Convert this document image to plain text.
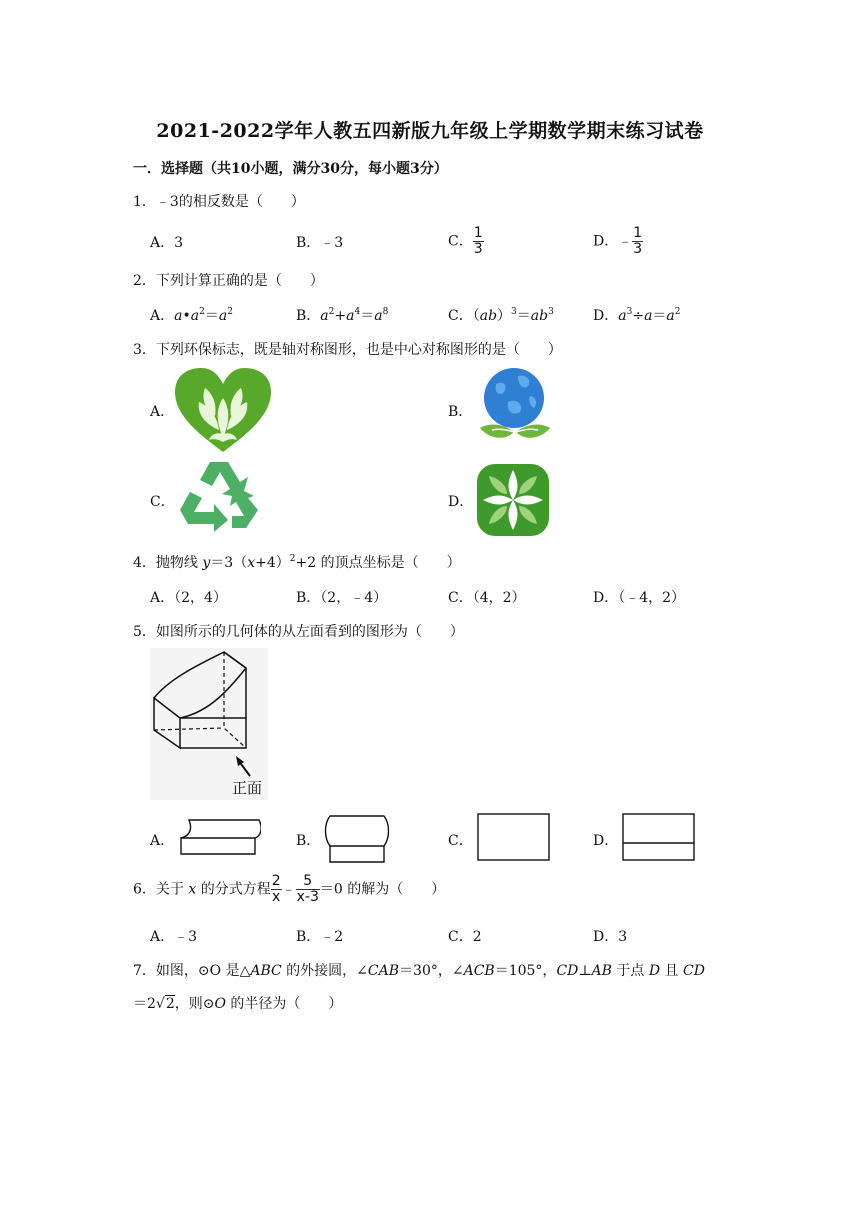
2021-2022学年人教五四新版九年级上学期数学期末练习试卷
一．选择题（共10小题，满分30分，每小题3分）
1．﹣3的相反数是（　　）
A．3	B．﹣3	C． $\frac{1}{3}$	D．﹣ $\frac{1}{3}$
2．下列计算正确的是（　　）
A．$a•a^2=a^2$	B．$a^2+a^4=a^8$	C．$(ab)^3=ab^3$	D．$a^3\div a=a^2$
3．下列环保标志，既是轴对称图形，也是中心对称图形的是（　　）
A．	B．
C．	D．
4．抛物线 $y=3(x+4)^2+2$ 的顶点坐标是（　　）
A．（2，4）	B．（2，﹣4）	C．（4，2）	D．（﹣4，2）
5．如图所示的几何体的从左面看到的图形为（　　）
正面
A．	B．	C．	D．
6．关于 x 的分式方程 $\frac{2}{x}$ ﹣ $\frac{5}{x-3} =0$ 的解为（　　）
A．﹣3	B．﹣2	C．2	D．3
7．如图，⊙O 是△ABC 的外接圆，∠CAB＝30°，∠ACB＝105°，CD⊥AB 于点 D 且 CD
＝2√2，则⊙O 的半径为（　　）
